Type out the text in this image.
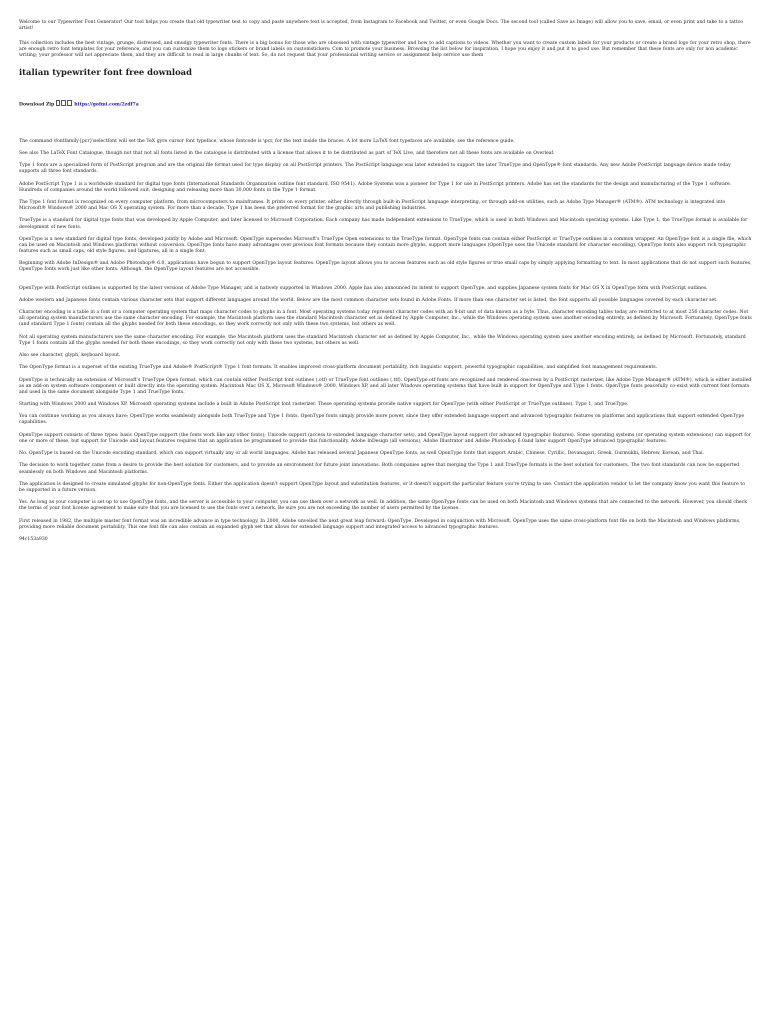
Welcome to our Typewriter Font Generator! Our tool helps you create that old typewriter text to copy and paste anywhere text is accepted, from Instagram to Facebook and Twitter, or even Google Docs. The second tool (called Save as Image) will allow you to save, email, or even print and take to a tattoo artist!

This collection includes the best vintage, grunge, distressed, and smudgy typewriter fonts. There is a big bonus for those who are obsessed with vintage typewriter and how to add captions to videos. Whether you want to create custom labels for your products or create a brand logo for your retro shop, there are enough retro font templates for your reference, and you can customize them to logo stickers or brand labels on customstickers: Com to promote your business. Browsing the list below for inspiration, I hope you enjoy it and put it to good use. But remember that these fonts are only for non academic writing; your professor will not appreciate them, and they are difficult to read in large chunks of text. So, do not request that your professional writing service or assignment help service use them

italian typewriter font free download
Download Zip	https://gofmi.com/2zdf7a

The command \fontfamily{pcr}\selectfont will set the TeX gyre cursor font typeface, whose fontcode is \pcr, for the text inside the braces. A lot more LaTeX font typefaces are available, see the reference guide.

See also The LaTeX Font Catalogue, though not that not all fonts listed in the catalogue is distributed with a license that allows it to be distributed as part of TeX Live, and therefore not all these fonts are available on Overleaf.

Type 1 fonts are a specialized form of PostScript program and are the original file format used for type display on all PostScript printers. The PostScript language was later extended to support the later TrueType and OpenType® font standards. Any new Adobe PostScript language device made today supports all three font standards.

Adobe PostScript Type 1 is a worldwide standard for digital type fonts (International Standards Organization outline font standard, ISO 9541). Adobe Systems was a pioneer for Type 1 for use in PostScript printers. Adobe has set the standards for the design and manufacturing of the Type 1 software. Hundreds of companies around the world followed suit, designing and releasing more than 30,000 fonts in the Type 1 format.

The Type 1 font format is recognized on every computer platform, from microcomputers to mainframes. It prints on every printer, either directly through built-in PostScript language interpreting, or through add-on utilities, such as Adobe Type Manager® (ATM®). ATM technology is integrated into Microsoft® Windows® 2000 and Mac OS X operating system. For more than a decade, Type 1 has been the preferred format for the graphic arts and publishing industries.

TrueType is a standard for digital type fonts that was developed by Apple Computer, and later licensed to Microsoft Corporation. Each company has made independent extensions to TrueType, which is used in both Windows and Macintosh operating systems. Like Type 1, the TrueType format is available for development of new fonts.

OpenType is a new standard for digital type fonts, developed jointly by Adobe and Microsoft. OpenType supersedes Microsoft's TrueType Open extensions to the TrueType format. OpenType fonts can contain either PostScript or TrueType outlines in a common wrapper. An OpenType font is a single file, which can be used on Macintosh and Windows platforms without conversion. OpenType fonts have many advantages over previous font formats because they contain more glyphs, support more languages (OpenType uses the Unicode standard for character encoding), OpenType fonts also support rich typographic features such as small caps, old style figures, and ligatures, all in a single font.

Beginning with Adobe InDesign® and Adobe Photoshop® 6.0, applications have begun to support OpenType layout features. OpenType layout allows you to access features such as old style figures or true small caps by simply applying formatting to text. In most applications that do not support such features, OpenType fonts work just like other fonts. Although, the OpenType layout features are not accessible.

OpenType with PostScript outlines is supported by the latest versions of Adobe Type Manager, and is natively supported in Windows 2000. Apple has also announced its intent to support OpenType, and supplies Japanese system fonts for Mac OS X in OpenType form with PostScript outlines.

Adobe western and Japanese fonts contain various character sets that support different languages around the world. Below are the most common character sets found in Adobe Fonts. If more than one character set is listed, the font supports all possible languages covered by each character set.

Character encoding is a table in a font or a computer operating system that maps character codes to glyphs in a font. Most operating systems today represent character codes with an 8-bit unit of data known as a byte. Thus, character encoding tables today are restricted to at most 256 character codes. Not all operating system manufacturers use the same character encoding. For example, the Macintosh platform uses the standard Macintosh character set as defined by Apple Computer, Inc., while the Windows operating system uses another encoding entirely, as defined by Microsoft. Fortunately, OpenType fonts (and standard Type 1 fonts) contain all the glyphs needed for both these encodings, so they work correctly not only with these two systems, but others as well.

Not all operating system manufacturers use the same character encoding. For example, the Macintosh platform uses the standard Macintosh character set as defined by Apple Computer, Inc., while the Windows operating system uses another encoding entirely, as defined by Microsoft. Fortunately, standard Type 1 fonts contain all the glyphs needed for both these encodings, so they work correctly not only with these two systems, but others as well.

Also see character, glyph, keyboard layout.

The OpenType format is a superset of the existing TrueType and Adobe® PostScript® Type 1 font formats. It enables improved cross-platform document portability, rich linguistic support, powerful typographic capabilities, and simplified font management requirements.

OpenType is technically an extension of Microsoft's TrueType Open format, which can contain either PostScript font outlines (.otf) or TrueType font outlines (.ttf). OpenType.otf fonts are recognized and rendered onscreen by a PostScript rasterizer, like Adobe Type Manager® (ATM®), which is either installed as an add-on system software component or built directly into the operating system. Macintosh Mac OS X, Microsoft Windows® 2000, Windows XP, and all later Windows operating systems that have built in support for OpenType and Type 1 fonts. OpenType fonts peacefully co-exist with current font formats and used in the same document alongside Type 1 and TrueType fonts.

Starting with Windows 2000 and Windows XP, Microsoft operating systems include a built in Adobe PostScript font rasterizer. These operating systems provide native support for OpenType (with either PostScript or TrueType outlines), Type 1, and TrueType.

You can continue working as you always have; OpenType works seamlessly alongside both TrueType and Type 1 fonts. OpenType fonts simply provide more power, since they offer extended language support and advanced typographic features on platforms and applications that support extended OpenType capabilities.

OpenType support consists of three types: basic OpenType support (the fonts work like any other fonts); Unicode support (access to extended language character sets), and OpenType layout support (for advanced typographic features). Some operating systems (or operating system extensions) can support for one or more of these, but support for Unicode and layout features requires that an application be programmed to provide this functionality. Adobe InDesign (all versions), Adobe Illustrator and Adobe Photoshop 6.0and later support OpenType advanced typographic features.

No. OpenType is based on the Unicode encoding standard, which can support virtually any or all world languages. Adobe has released several Japanese OpenType fonts, as well OpenType fonts that support Arabic, Chinese, Cyrillic, Devanagari, Greek, Gurmukhi, Hebrew, Korean, and Thai.

The decision to work together came from a desire to provide the best solution for customers, and to provide an environment for future joint innovations. Both companies agree that merging the Type 1 and TrueType formats is the best solution for customers. The two font standards can now be supported seamlessly on both Windows and Macintosh platforms.

The application is designed to create simulated glyphs for non-OpenType fonts. Either the application doesn't support OpenType layout and substitution features, or it doesn't support the particular feature you're trying to use. Contact the application vendor to let the company know you want this feature to be supported in a future version.

Yes. As long as your computer is set up to use OpenType fonts, and the server is accessible to your computer, you can use them over a network as well. In addition, the same OpenType fonts can be used on both Macintosh and Windows systems that are connected to the network. However, you should check the terms of your font license agreement to make sure that you are licensed to use the fonts over a network. Be sure you are not exceeding the number of users permitted by the license.

First released in 1982, the multiple master font format was an incredible advance in type technology. In 2000, Adobe unveiled the next great leap forward: OpenType. Developed in conjunction with Microsoft, OpenType uses the same cross-platform font file on both the Macintosh and Windows platforms, providing more reliable document portability. This one font file can also contain an expanded glyph set that allows for extended language support and integrated access to advanced typographic features.

94c153a930
